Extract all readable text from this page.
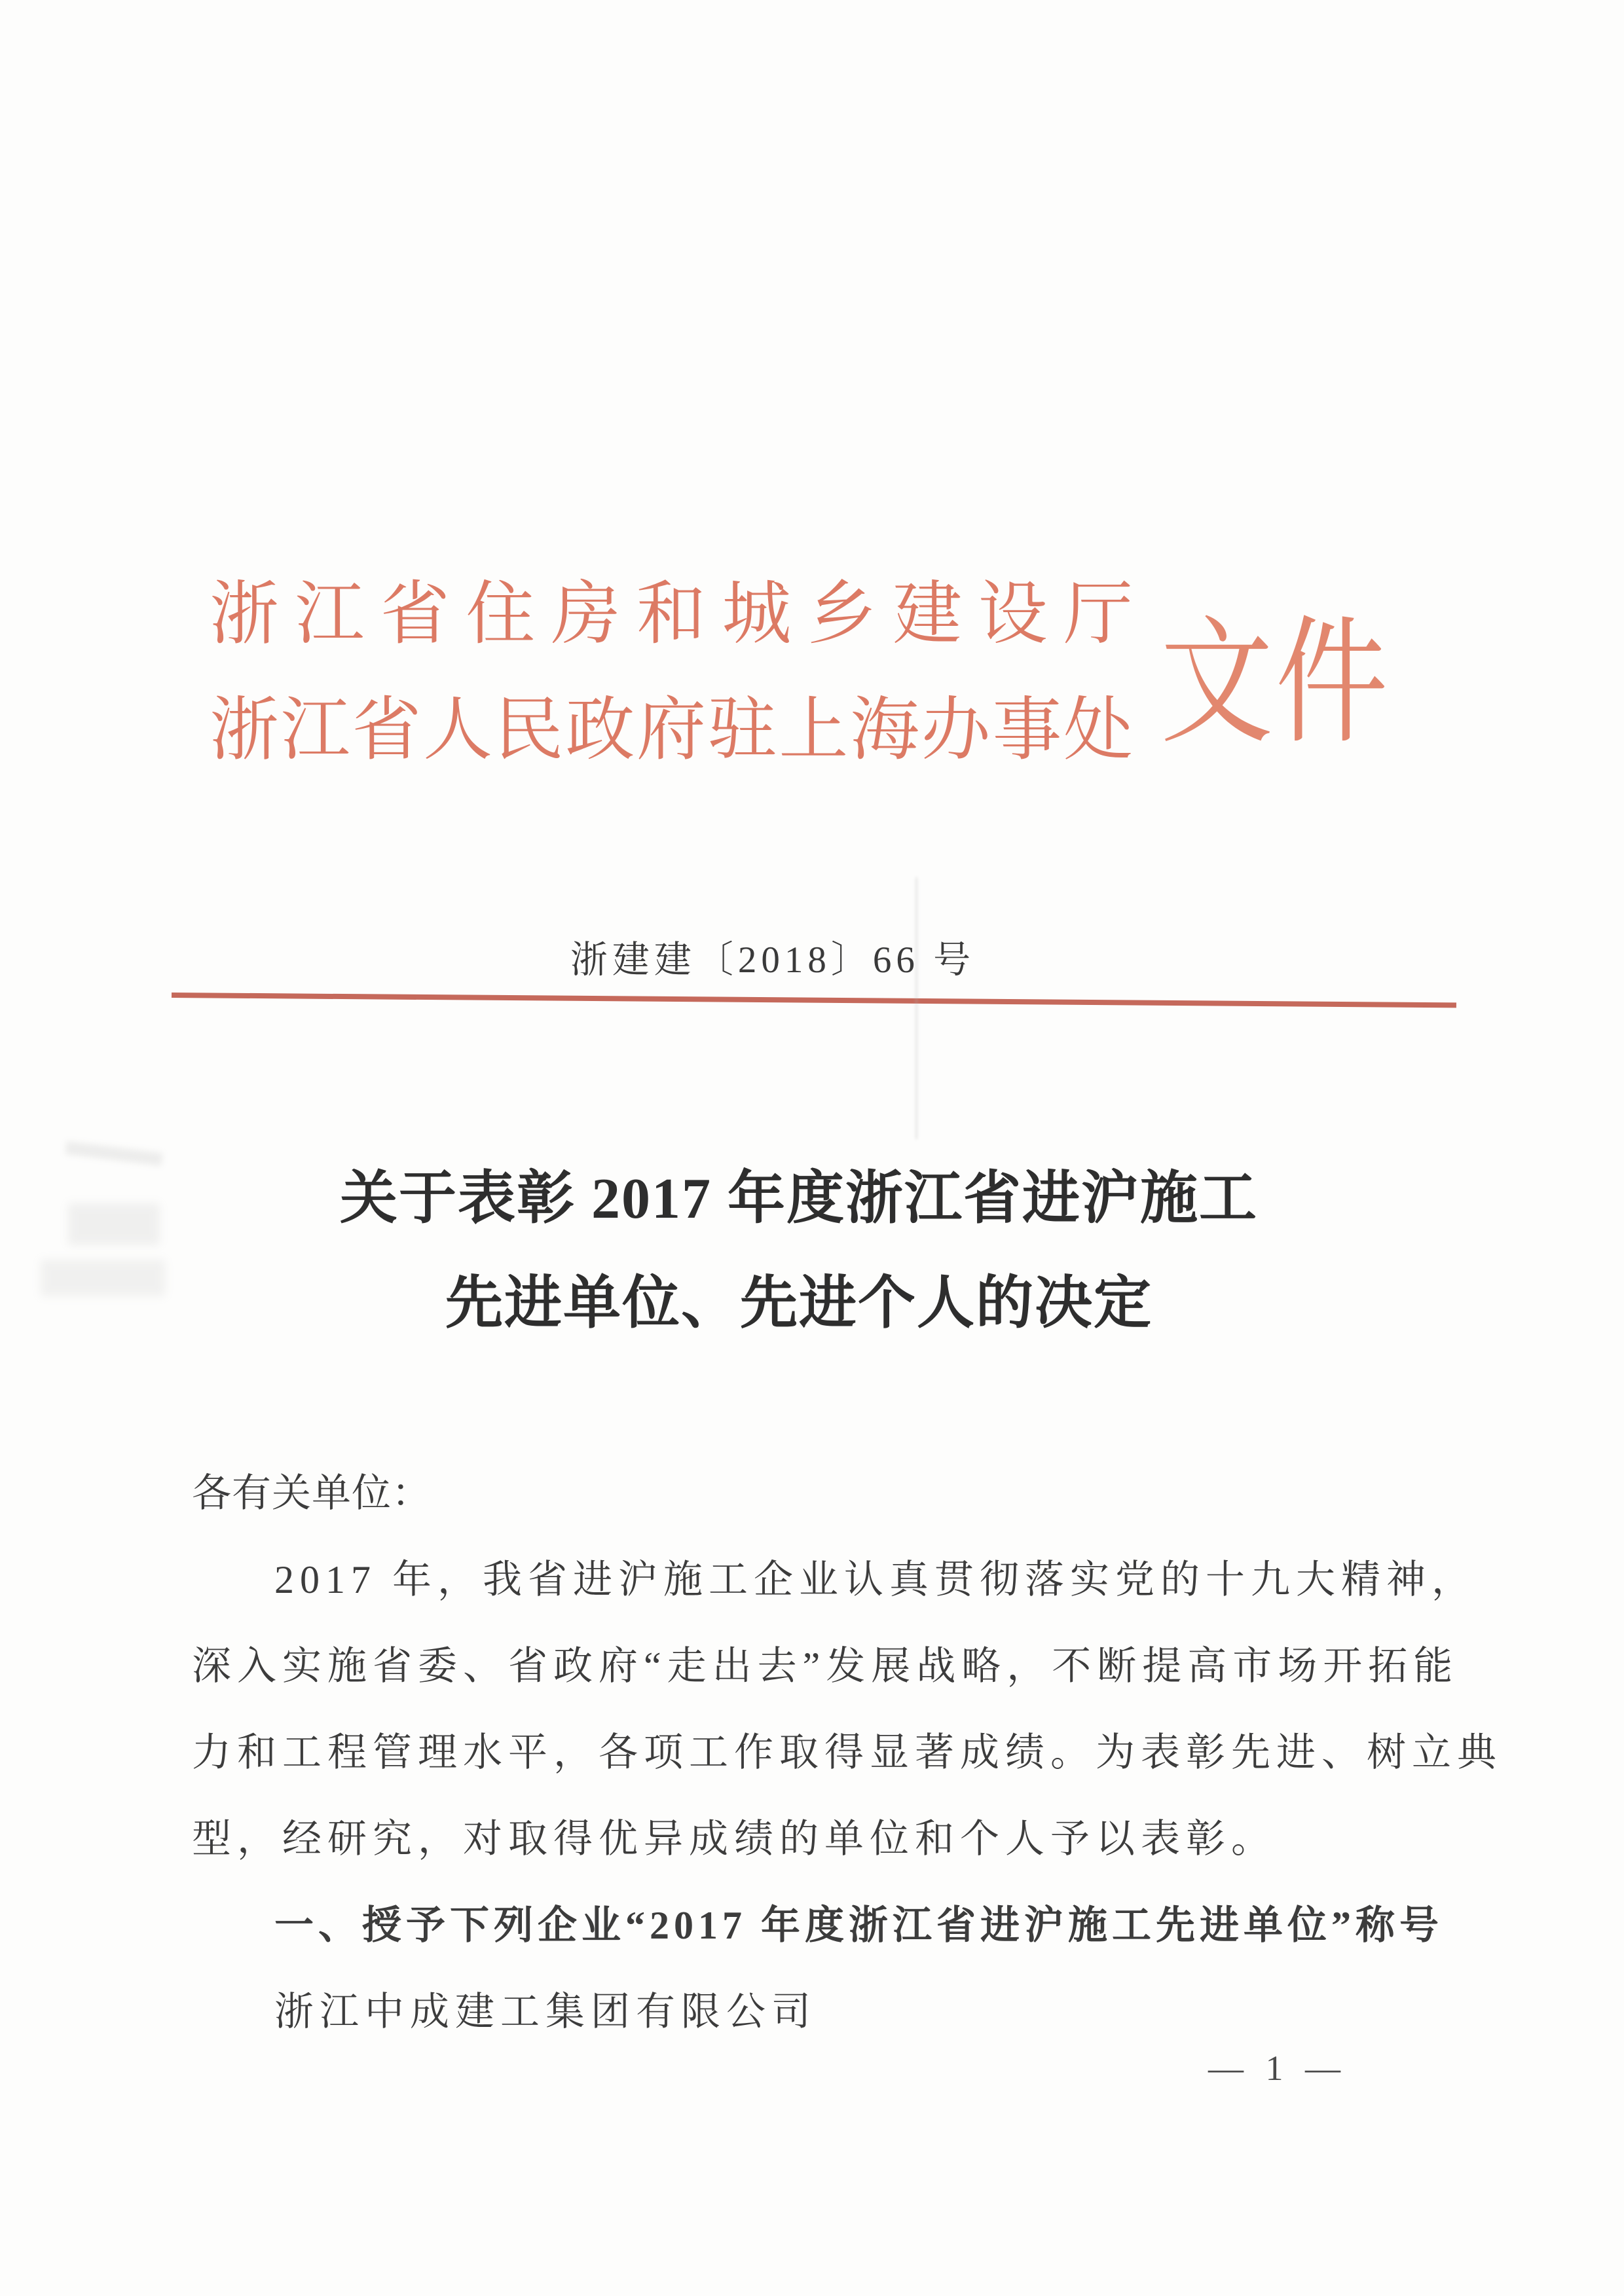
浙江省住房和城乡建设厅
浙江省人民政府驻上海办事处 文件
浙建建〔2018〕66 号
关于表彰 2017 年度浙江省进沪施工
先进单位、先进个人的决定

各有关单位：

2017 年，我省进沪施工企业认真贯彻落实党的十九大精神，

深入实施省委、省政府“走出去”发展战略，不断提高市场开拓能

力和工程管理水平，各项工作取得显著成绩。为表彰先进、树立典

型，经研究，对取得优异成绩的单位和个人予以表彰。

一、授予下列企业“2017 年度浙江省进沪施工先进单位”称号

浙江中成建工集团有限公司

— 1 —
